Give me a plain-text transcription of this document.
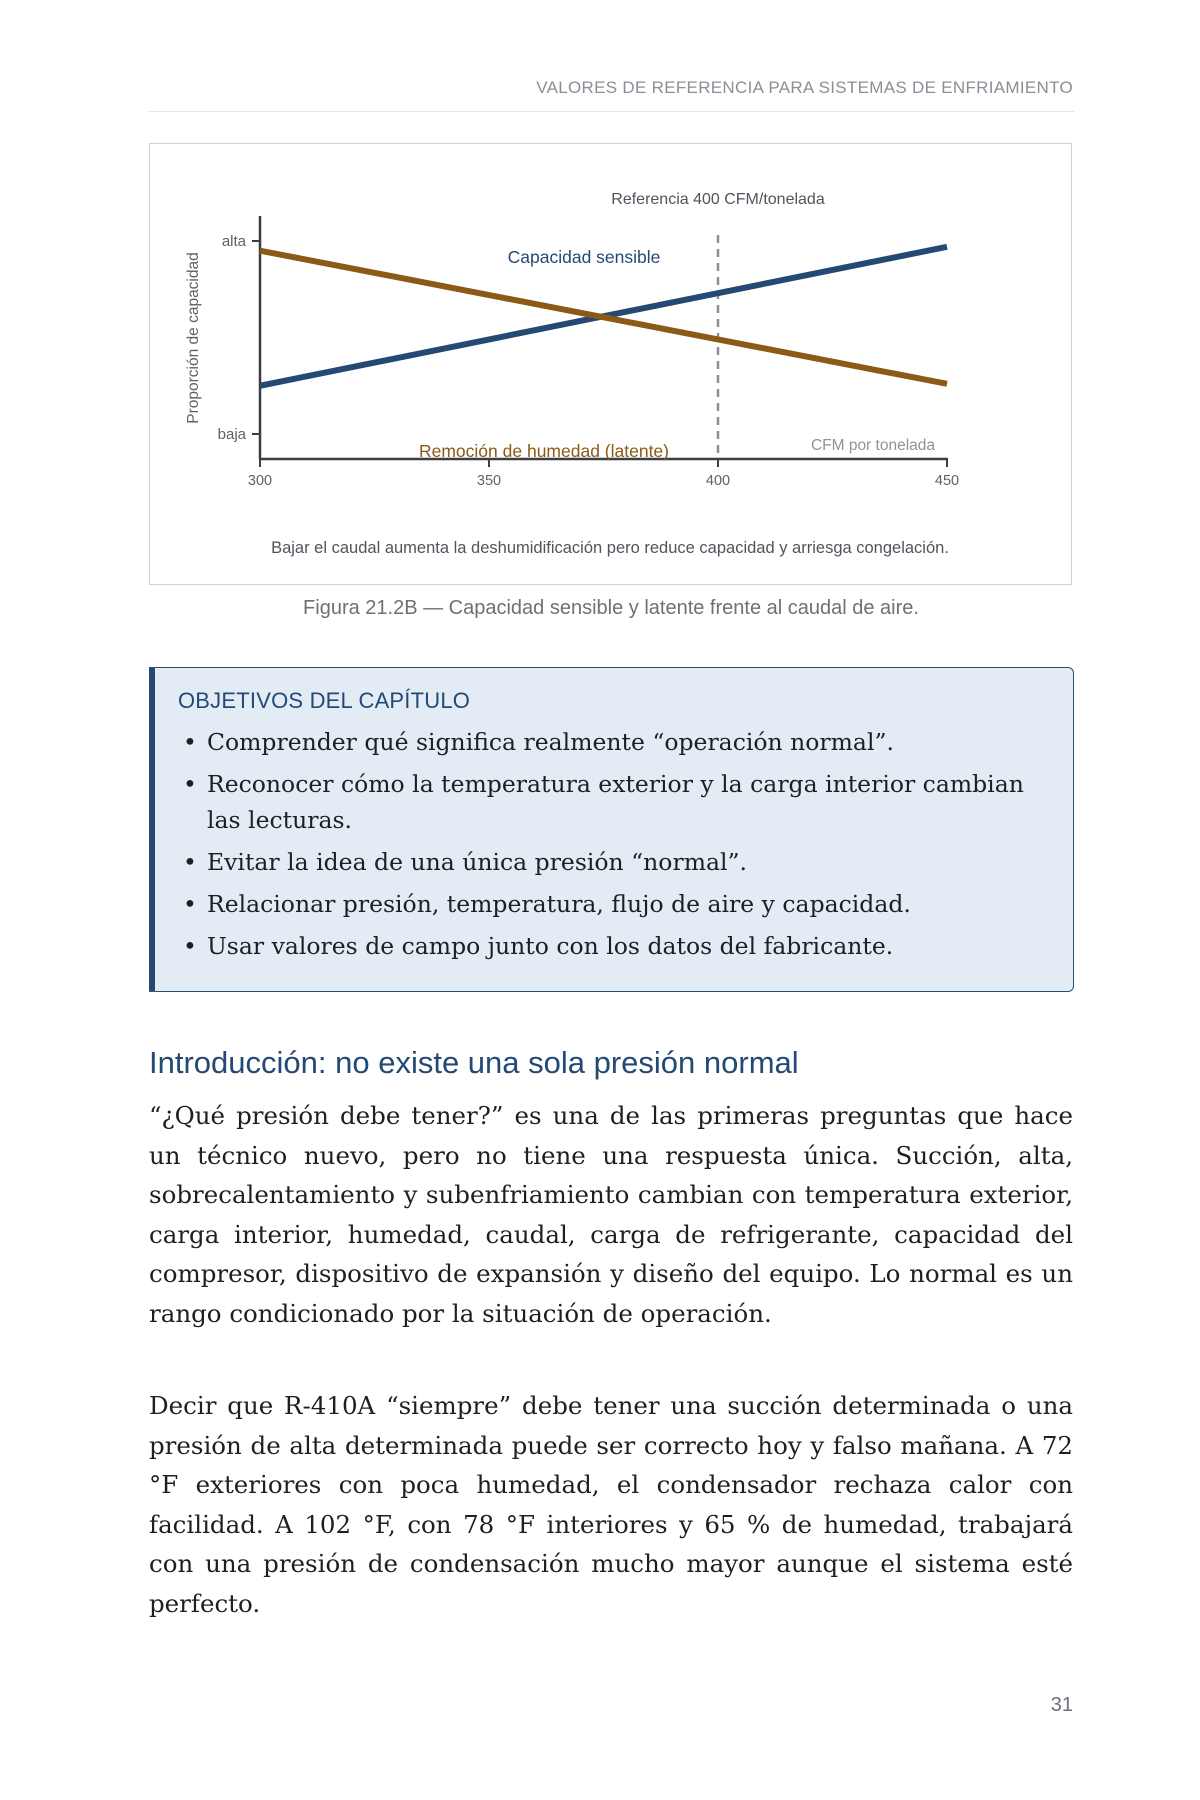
VALORES DE REFERENCIA PARA SISTEMAS DE ENFRIAMIENTO
alta
baja
Proporción de capacidad
300	350	400	450
Referencia 400 CFM/tonelada
Capacidad sensible
Remoción de humedad (latente)	CFM por tonelada
Bajar el caudal aumenta la deshumidificación pero reduce capacidad y arriesga congelación.
Figura 21.2B — Capacidad sensible y latente frente al caudal de aire.
OBJETIVOS DEL CAPÍTULO
• Comprender qué significa realmente “operación normal”.
• Reconocer cómo la temperatura exterior y la carga interior cambian las lecturas.
• Evitar la idea de una única presión “normal”.
• Relacionar presión, temperatura, flujo de aire y capacidad.
• Usar valores de campo junto con los datos del fabricante.
Introducción: no existe una sola presión normal

“¿Qué presión debe tener?” es una de las primeras preguntas que hace un técnico nuevo, pero no tiene una respuesta única. Succión, alta, sobrecalentamiento y subenfriamiento cambian con temperatura exterior, carga interior, humedad, caudal, carga de refrigerante, capacidad del compresor, dispositivo de expansión y diseño del equipo. Lo normal es un rango condicionado por la situación de operación.

Decir que R-410A “siempre” debe tener una succión determinada o una presión de alta determinada puede ser correcto hoy y falso mañana. A 72 °F exteriores con poca humedad, el condensador rechaza calor con facilidad. A 102 °F, con 78 °F interiores y 65 % de humedad, trabajará con una presión de condensación mucho mayor aunque el sistema esté perfecto.

31
